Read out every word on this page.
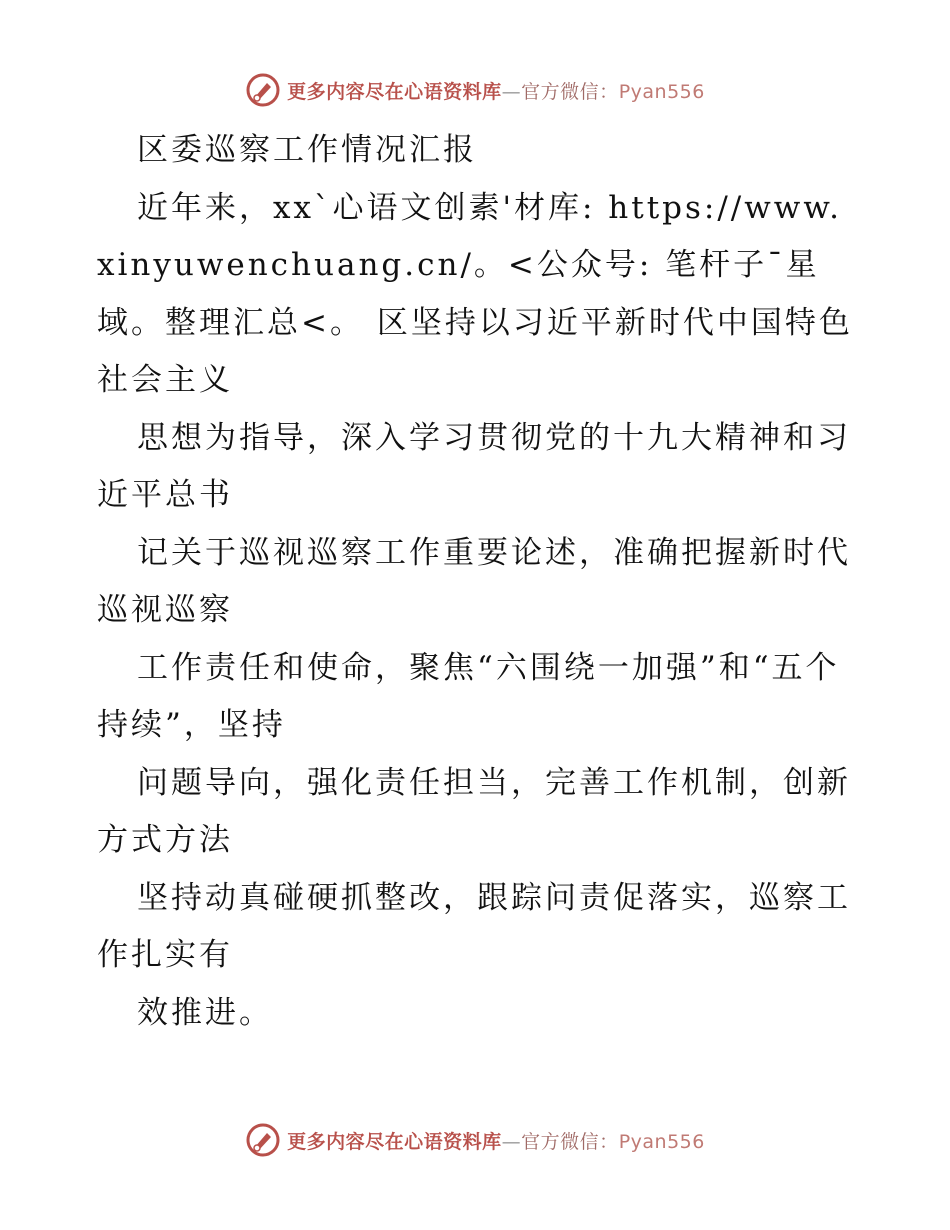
更多内容尽在心语资料库—官方微信：Pyan556

区委巡察工作情况汇报

近年来，xx`心语文创素'材库: https://www.xinyuwenchuang.cn/。<公众号: 笔杆子¯星域。整理汇总<。 区坚持以习近平新时代中国特色社会主义

思想为指导，深入学习贯彻党的十九大精神和习近平总书

记关于巡视巡察工作重要论述，准确把握新时代巡视巡察

工作责任和使命，聚焦“六围绕一加强”和“五个持续”，坚持

问题导向，强化责任担当，完善工作机制，创新方式方法

坚持动真碰硬抓整改，跟踪问责促落实，巡察工作扎实有

效推进。

更多内容尽在心语资料库—官方微信：Pyan556
